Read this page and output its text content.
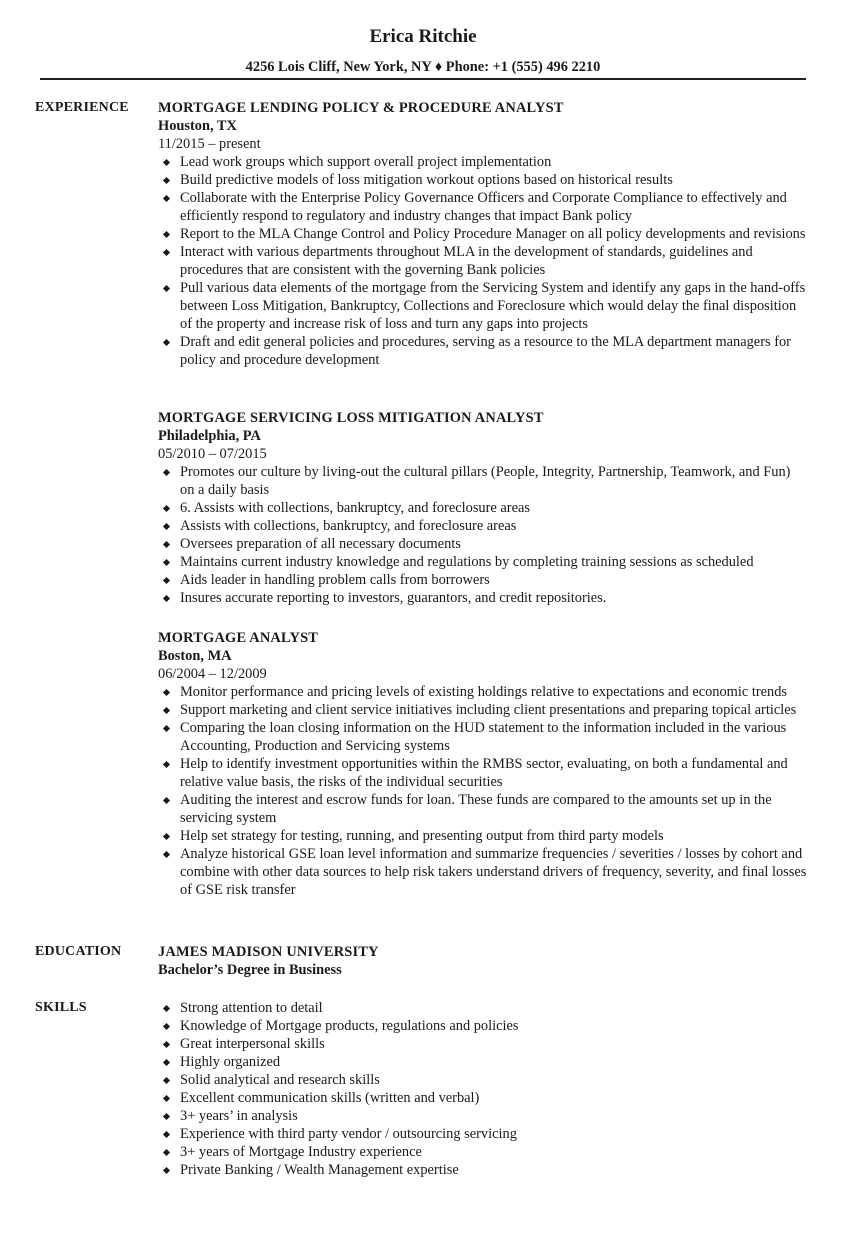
Erica Ritchie
4256 Lois Cliff, New York, NY ♦ Phone: +1 (555) 496 2210
EXPERIENCE MORTGAGE LENDING POLICY & PROCEDURE ANALYST
Houston, TX
11/2015 – present
Lead work groups which support overall project implementation
Build predictive models of loss mitigation workout options based on historical results
Collaborate with the Enterprise Policy Governance Officers and Corporate Compliance to effectively and efficiently respond to regulatory and industry changes that impact Bank policy
Report to the MLA Change Control and Policy Procedure Manager on all policy developments and revisions
Interact with various departments throughout MLA in the development of standards, guidelines and procedures that are consistent with the governing Bank policies
Pull various data elements of the mortgage from the Servicing System and identify any gaps in the hand-offs between Loss Mitigation, Bankruptcy, Collections and Foreclosure which would delay the final disposition of the property and increase risk of loss and turn any gaps into projects
Draft and edit general policies and procedures, serving as a resource to the MLA department managers for policy and procedure development
MORTGAGE SERVICING LOSS MITIGATION ANALYST
Philadelphia, PA
05/2010 – 07/2015
Promotes our culture by living-out the cultural pillars (People, Integrity, Partnership, Teamwork, and Fun) on a daily basis
6. Assists with collections, bankruptcy, and foreclosure areas
Assists with collections, bankruptcy, and foreclosure areas
Oversees preparation of all necessary documents
Maintains current industry knowledge and regulations by completing training sessions as scheduled
Aids leader in handling problem calls from borrowers
Insures accurate reporting to investors, guarantors, and credit repositories.
MORTGAGE ANALYST
Boston, MA
06/2004 – 12/2009
Monitor performance and pricing levels of existing holdings relative to expectations and economic trends
Support marketing and client service initiatives including client presentations and preparing topical articles
Comparing the loan closing information on the HUD statement to the information included in the various Accounting, Production and Servicing systems
Help to identify investment opportunities within the RMBS sector, evaluating, on both a fundamental and relative value basis, the risks of the individual securities
Auditing the interest and escrow funds for loan. These funds are compared to the amounts set up in the servicing system
Help set strategy for testing, running, and presenting output from third party models
Analyze historical GSE loan level information and summarize frequencies / severities / losses by cohort and combine with other data sources to help risk takers understand drivers of frequency, severity, and final losses of GSE risk transfer
EDUCATION	JAMES MADISON UNIVERSITY
Bachelor’s Degree in Business
SKILLS	Strong attention to detail
Knowledge of Mortgage products, regulations and policies
Great interpersonal skills
Highly organized
Solid analytical and research skills
Excellent communication skills (written and verbal)
3+ years’ in analysis
Experience with third party vendor / outsourcing servicing
3+ years of Mortgage Industry experience
Private Banking / Wealth Management expertise
